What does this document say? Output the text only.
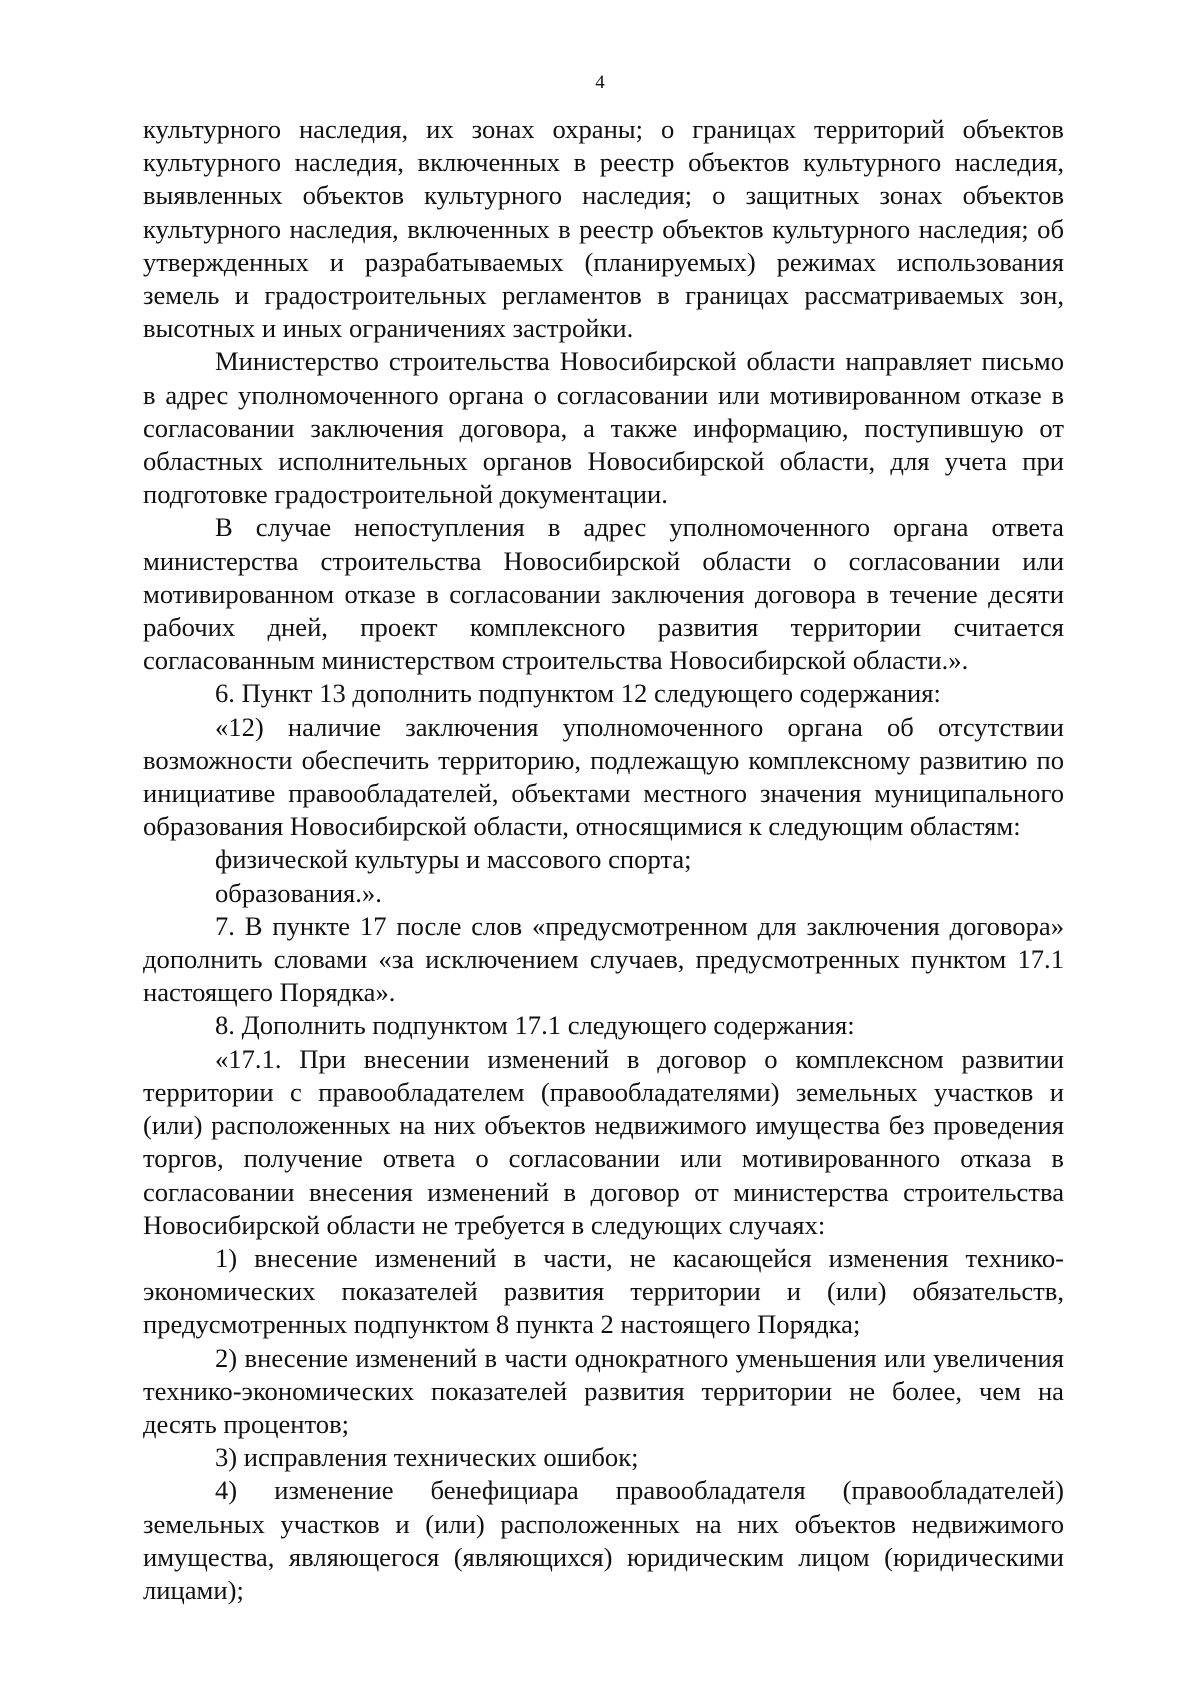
4

культурного наследия, их зонах охраны; о границах территорий объектов культурного наследия, включенных в реестр объектов культурного наследия, выявленных объектов культурного наследия; о защитных зонах объектов культурного наследия, включенных в реестр объектов культурного наследия; об утвержденных и разрабатываемых (планируемых) режимах использования земель и градостроительных регламентов в границах рассматриваемых зон, высотных и иных ограничениях застройки.

Министерство строительства Новосибирской области направляет письмо в адрес уполномоченного органа о согласовании или мотивированном отказе в согласовании заключения договора, а также информацию, поступившую от областных исполнительных органов Новосибирской области, для учета при подготовке градостроительной документации.

В случае непоступления в адрес уполномоченного органа ответа министерства строительства Новосибирской области о согласовании или мотивированном отказе в согласовании заключения договора в течение десяти рабочих дней, проект комплексного развития территории считается согласованным министерством строительства Новосибирской области.».

6. Пункт 13 дополнить подпунктом 12 следующего содержания:

«12) наличие заключения уполномоченного органа об отсутствии возможности обеспечить территорию, подлежащую комплексному развитию по инициативе правообладателей, объектами местного значения муниципального образования Новосибирской области, относящимися к следующим областям:

физической культуры и массового спорта;

образования.».

7. В пункте 17 после слов «предусмотренном для заключения договора» дополнить словами «за исключением случаев, предусмотренных пунктом 17.1 настоящего Порядка».

8. Дополнить подпунктом 17.1 следующего содержания:

«17.1. При внесении изменений в договор о комплексном развитии территории с правообладателем (правообладателями) земельных участков и (или) расположенных на них объектов недвижимого имущества без проведения торгов, получение ответа о согласовании или мотивированного отказа в согласовании внесения изменений в договор от министерства строительства Новосибирской области не требуется в следующих случаях:

1) внесение изменений в части, не касающейся изменения технико-экономических показателей развития территории и (или) обязательств, предусмотренных подпунктом 8 пункта 2 настоящего Порядка;

2) внесение изменений в части однократного уменьшения или увеличения технико-экономических показателей развития территории не более, чем на десять процентов;

3) исправления технических ошибок;

4) изменение бенефициара правообладателя (правообладателей) земельных участков и (или) расположенных на них объектов недвижимого имущества, являющегося (являющихся) юридическим лицом (юридическими лицами);
